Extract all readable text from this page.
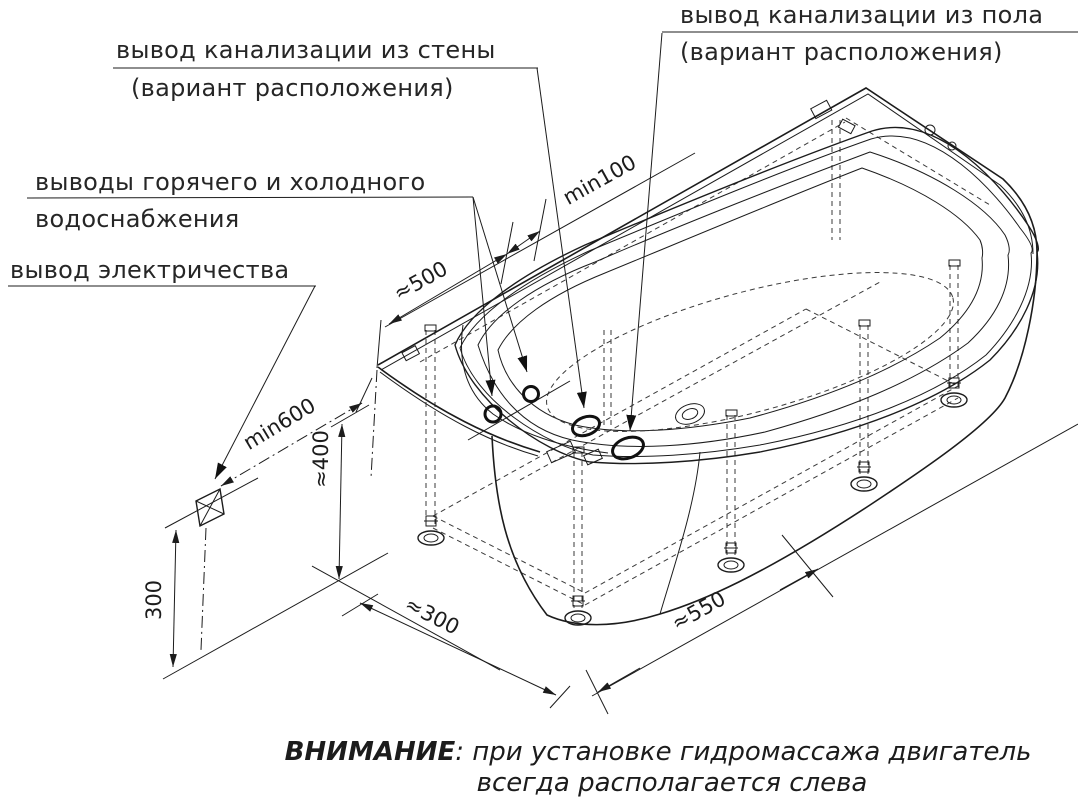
min100
≈500
min600
≈400
300	≈300	≈550
вывод канализации из стены
(вариант расположения)
вывод канализации из пола
(вариант расположения)
выводы горячего и холодного
водоснабжения
вывод электричества
ВНИМАНИЕ: при установке гидромассажа двигатель
всегда располагается слева
